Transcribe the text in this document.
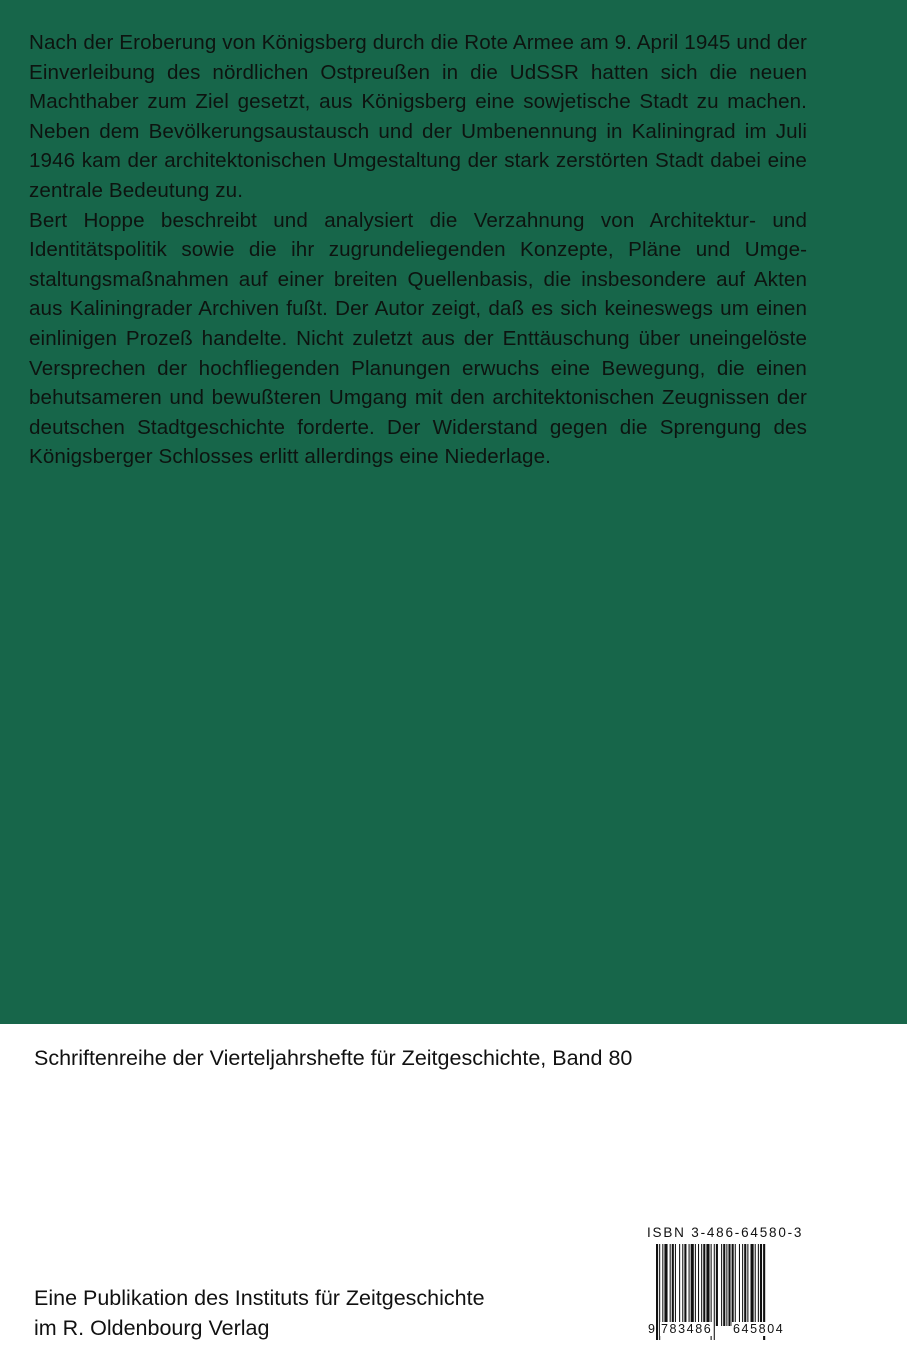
Nach der Eroberung von Königsberg durch die Rote Armee am 9. April 1945 und der Einverleibung des nördlichen Ostpreußen in die UdSSR hatten sich die neuen Machthaber zum Ziel gesetzt, aus Königsberg eine sowjetische Stadt zu machen. Neben dem Bevölkerungsaustausch und der Umbenennung in Kaliningrad im Juli 1946 kam der architektonischen Umgestaltung der stark zerstörten Stadt dabei eine zentrale Bedeutung zu.

Bert Hoppe beschreibt und analysiert die Verzahnung von Architektur- und Identitätspolitik sowie die ihr zugrundeliegenden Konzepte, Pläne und Umgestaltungsmaßnahmen auf einer breiten Quellenbasis, die insbesondere auf Akten aus Kaliningrader Archiven fußt. Der Autor zeigt, daß es sich keineswegs um einen einlinigen Prozeß handelte. Nicht zuletzt aus der Enttäuschung über uneingelöste Versprechen der hochfliegenden Planungen erwuchs eine Bewegung, die einen behutsameren und bewußteren Umgang mit den architektonischen Zeugnissen der deutschen Stadtgeschichte forderte. Der Widerstand gegen die Sprengung des Königsberger Schlosses erlitt allerdings eine Niederlage.

Schriftenreihe der Vierteljahrshefte für Zeitgeschichte, Band 80

ISBN 3-486-64580-3
9 783486 645804
Eine Publikation des Instituts für Zeitgeschichte
im R. Oldenbourg Verlag
